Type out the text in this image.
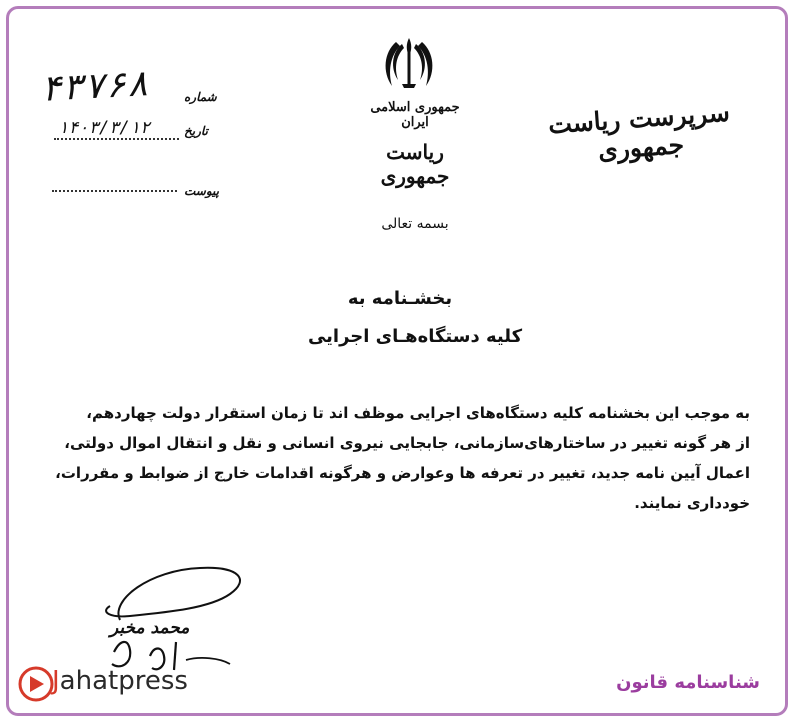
جمهوری اسلامی ایران
ریاست جمهوری
سرپرست ریاست جمهوری
۴۳۷۶۸	شماره
۱۴۰۳/۳/۱۲	تاریخ
پیوست
بسمه تعالی
بخشـنامه به
کلیه دستگاه‌هـای اجرایی
به موجب این بخشنامه کلیه دستگاه‌های اجرایی موظف اند تا زمان استقرار دولت چهاردهم،
از هر گونه تغییر در ساختارهای‌سازمانی، جابجایی نیروی انسانی و نقل و انتقال اموال دولتی،
اعمال آیین نامه جدید، تغییر در تعرفه ها وعوارض و هرگونه اقدامات خارج از ضوابط و مقررات،
خودداری نمایند.
محمد مخبر
Jahatpress	شناسنامه قانون
